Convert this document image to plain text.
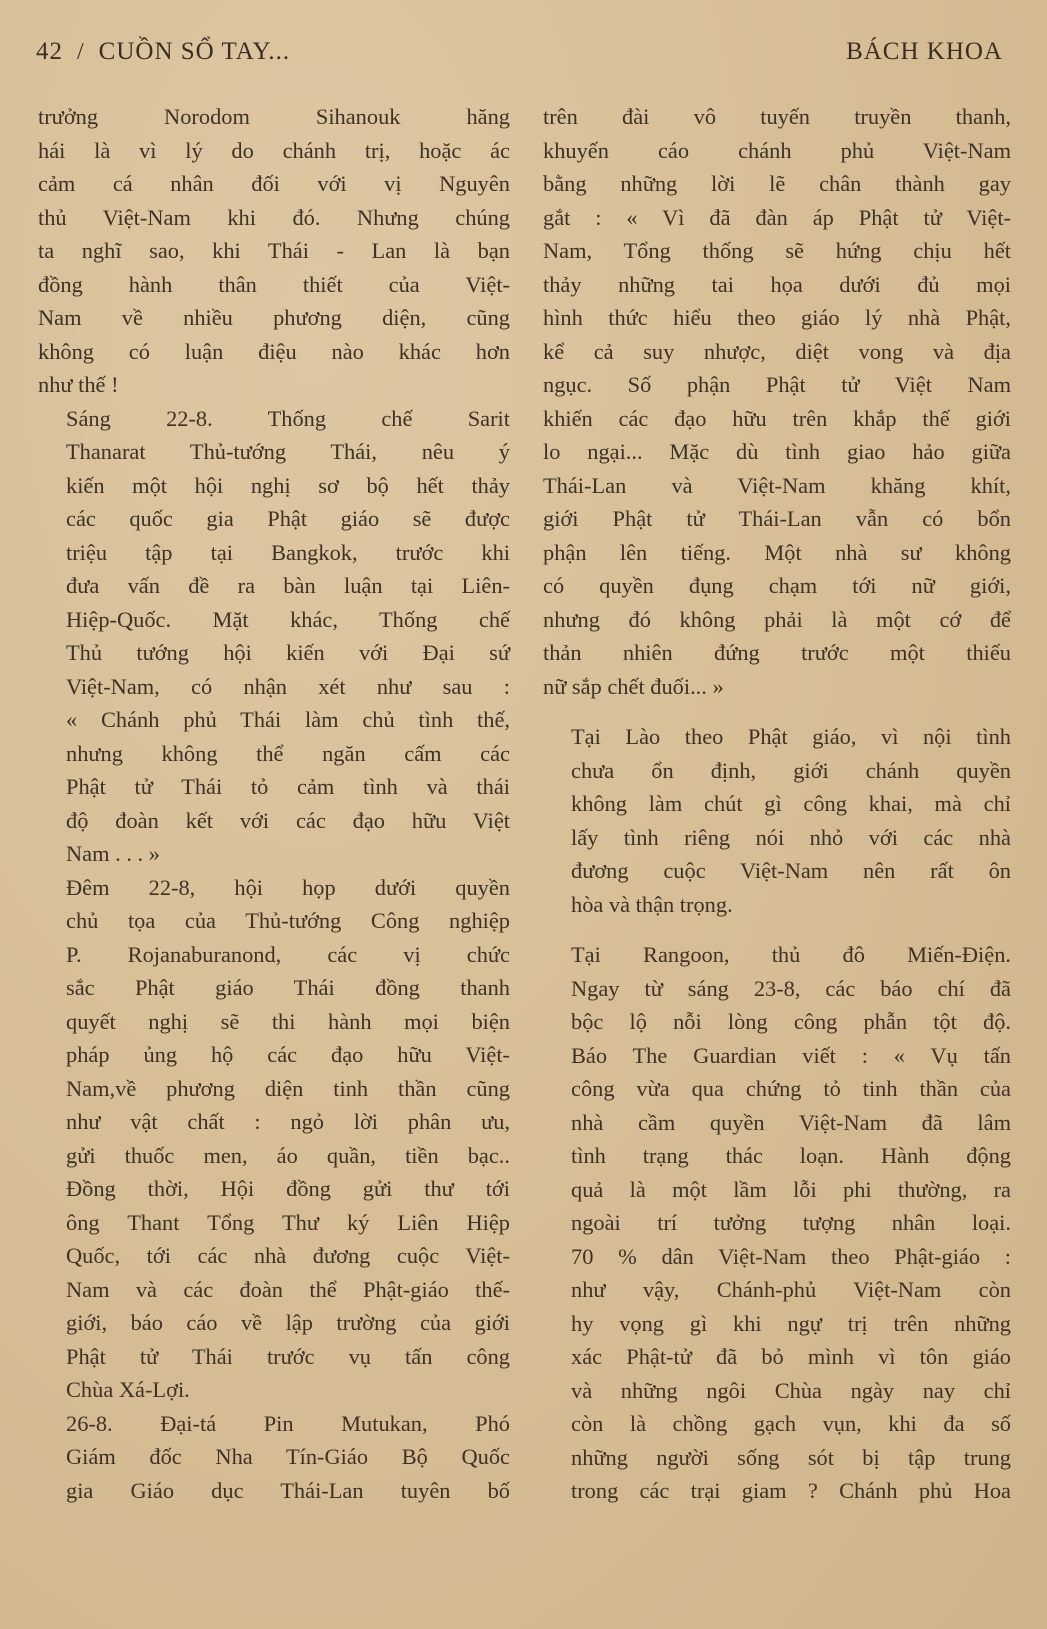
42 / CUỒN SỔ TAY...	BÁCH KHOA

trưởng Norodom Sihanouk hăng
hái là vì lý do chánh trị, hoặc ác
cảm cá nhân đối với vị Nguyên
thủ Việt-Nam khi đó. Nhưng chúng
ta nghĩ sao, khi Thái - Lan là bạn
đồng hành thân thiết của Việt-
Nam về nhiều phương diện, cũng
không có luận điệu nào khác hơn
như thế !

Sáng 22-8. Thống chế Sarit
Thanarat Thủ-tướng Thái, nêu ý
kiến một hội nghị sơ bộ hết thảy
các quốc gia Phật giáo sẽ được
triệu tập tại Bangkok, trước khi
đưa vấn đề ra bàn luận tại Liên-
Hiệp-Quốc. Mặt khác, Thống chế
Thủ tướng hội kiến với Đại sứ
Việt-Nam, có nhận xét như sau :
« Chánh phủ Thái làm chủ tình thế,
nhưng không thể ngăn cấm các
Phật tử Thái tỏ cảm tình và thái
độ đoàn kết với các đạo hữu Việt
Nam . . . »

Đêm 22-8, hội họp dưới quyền
chủ tọa của Thủ-tướng Công nghiệp
P. Rojanaburanond, các vị chức
sắc Phật giáo Thái đồng thanh
quyết nghị sẽ thi hành mọi biện
pháp ủng hộ các đạo hữu Việt-
Nam,về phương diện tinh thần cũng
như vật chất : ngỏ lời phân ưu,
gửi thuốc men, áo quần, tiền bạc..
Đồng thời, Hội đồng gửi thư tới
ông Thant Tổng Thư ký Liên Hiệp
Quốc, tới các nhà đương cuộc Việt-
Nam và các đoàn thể Phật-giáo thế-
giới, báo cáo về lập trường của giới
Phật tử Thái trước vụ tấn công
Chùa Xá-Lợi.

26-8. Đại-tá Pin Mutukan, Phó
Giám đốc Nha Tín-Giáo Bộ Quốc
gia Giáo dục Thái-Lan tuyên bố

trên đài vô tuyến truyền thanh,
khuyến cáo chánh phủ Việt-Nam
bằng những lời lẽ chân thành gay
gắt : « Vì đã đàn áp Phật tử Việt-
Nam, Tổng thống sẽ hứng chịu hết
thảy những tai họa dưới đủ mọi
hình thức hiểu theo giáo lý nhà Phật,
kể cả suy nhược, diệt vong và địa
ngục. Số phận Phật tử Việt Nam
khiến các đạo hữu trên khắp thế giới
lo ngại... Mặc dù tình giao hảo giữa
Thái-Lan và Việt-Nam khăng khít,
giới Phật tử Thái-Lan vẫn có bổn
phận lên tiếng. Một nhà sư không
có quyền đụng chạm tới nữ giới,
nhưng đó không phải là một cớ để
thản nhiên đứng trước một thiếu
nữ sắp chết đuối... »

Tại Lào theo Phật giáo, vì nội tình
chưa ổn định, giới chánh quyền
không làm chút gì công khai, mà chỉ
lấy tình riêng nói nhỏ với các nhà
đương cuộc Việt-Nam nên rất ôn
hòa và thận trọng.

Tại Rangoon, thủ đô Miến-Điện.
Ngay từ sáng 23-8, các báo chí đã
bộc lộ nỗi lòng công phẫn tột độ.
Báo The Guardian viết : « Vụ tấn
công vừa qua chứng tỏ tinh thần của
nhà cầm quyền Việt-Nam đã lâm
tình trạng thác loạn. Hành động
quả là một lầm lỗi phi thường, ra
ngoài trí tưởng tượng nhân loại.
70 % dân Việt-Nam theo Phật-giáo :
như vậy, Chánh-phủ Việt-Nam còn
hy vọng gì khi ngự trị trên những
xác Phật-tử đã bỏ mình vì tôn giáo
và những ngôi Chùa ngày nay chỉ
còn là chồng gạch vụn, khi đa số
những người sống sót bị tập trung
trong các trại giam ? Chánh phủ Hoa
